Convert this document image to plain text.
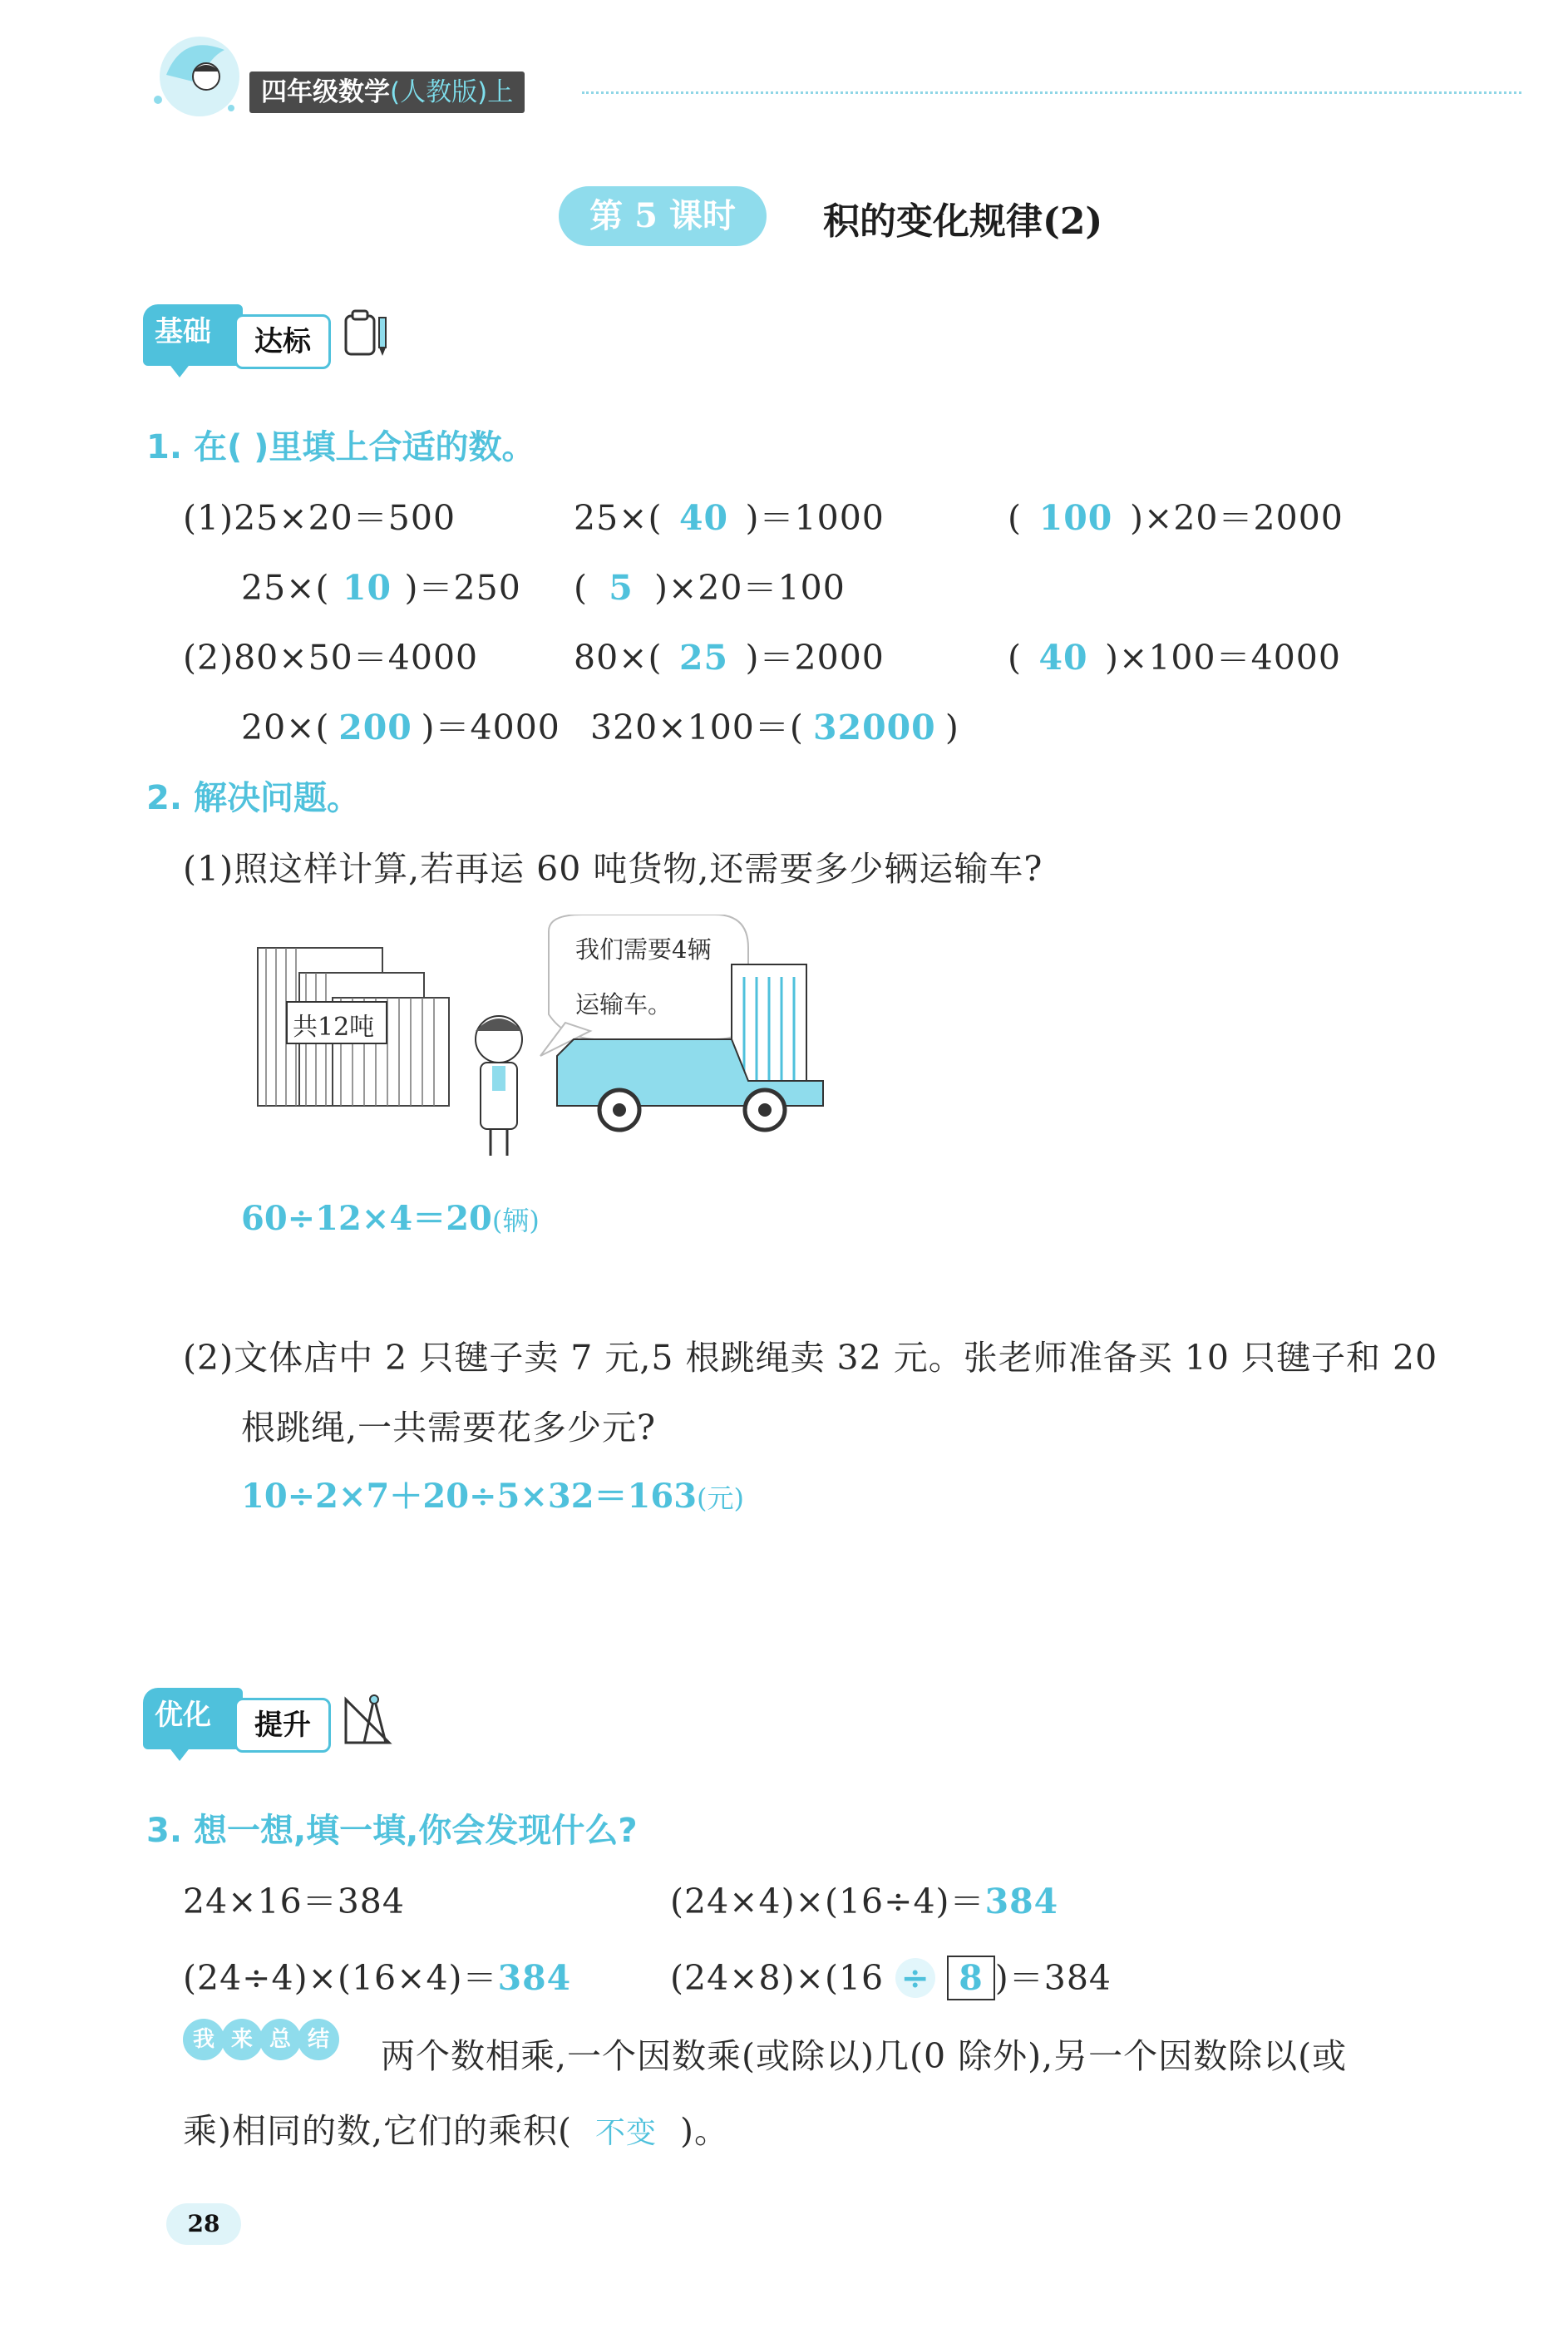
四年级数学(人教版)上
第 5 课时	积的变化规律(2)
基础	达标
1. 在( )里填上合适的数。
(1)25×20＝500	25×( 40 )＝1000	( 100 )×20＝2000
25×( 10 )＝250 ( 5 )×20＝100
(2)80×50＝4000	80×( 25 )＝2000	( 40 )×100＝4000
20×( 200 )＝4000 320×100＝( 32000 )
2. 解决问题。
(1)照这样计算,若再运 60 吨货物,还需要多少辆运输车?
共12吨
我们需要4辆
运输车。
60÷12×4＝20(辆)
(2)文体店中 2 只毽子卖 7 元,5 根跳绳卖 32 元。张老师准备买 10 只毽子和 20
根跳绳,一共需要花多少元?
10÷2×7＋20÷5×32＝163(元)
优化	提升
3. 想一想,填一填,你会发现什么?
24×16＝384	(24×4)×(16÷4)＝384
(24÷4)×(16×4)＝384	(24×8)×(16 ÷ 8 )＝384
我 来 总 结 两个数相乘,一个因数乘(或除以)几(0 除外),另一个因数除以(或
乘)相同的数,它们的乘积( 不变 )。
28
